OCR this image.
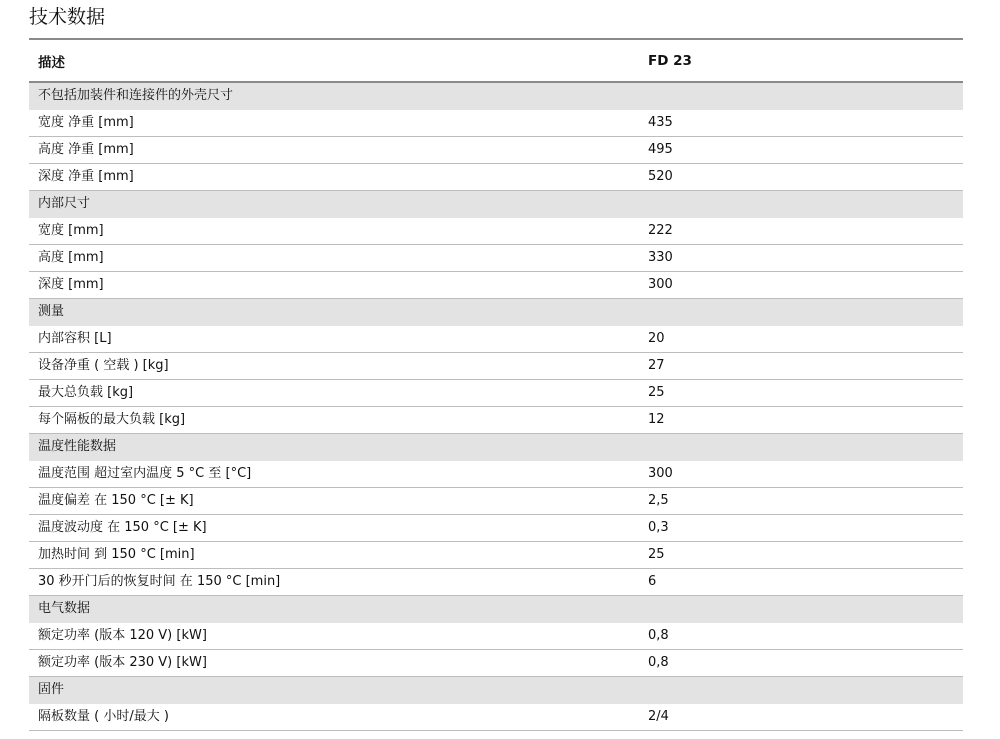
技术数据
描述	FD 23
不包括加装件和连接件的外壳尺寸
宽度 净重 [mm]	435
高度 净重 [mm]	495
深度 净重 [mm]	520
内部尺寸
宽度 [mm]	222
高度 [mm]	330
深度 [mm]	300
测量
内部容积 [L]	20
设备净重 ( 空载 ) [kg]	27
最大总负载 [kg]	25
每个隔板的最大负载 [kg]	12
温度性能数据
温度范围 超过室内温度 5 °C 至 [°C]	300
温度偏差 在 150 °C [± K]	2,5
温度波动度 在 150 °C [± K]	0,3
加热时间 到 150 °C [min]	25
30 秒开门后的恢复时间 在 150 °C [min]	6
电气数据
额定功率 (版本 120 V) [kW]	0,8
额定功率 (版本 230 V) [kW]	0,8
固件
隔板数量 ( 小时/最大 )	2/4
